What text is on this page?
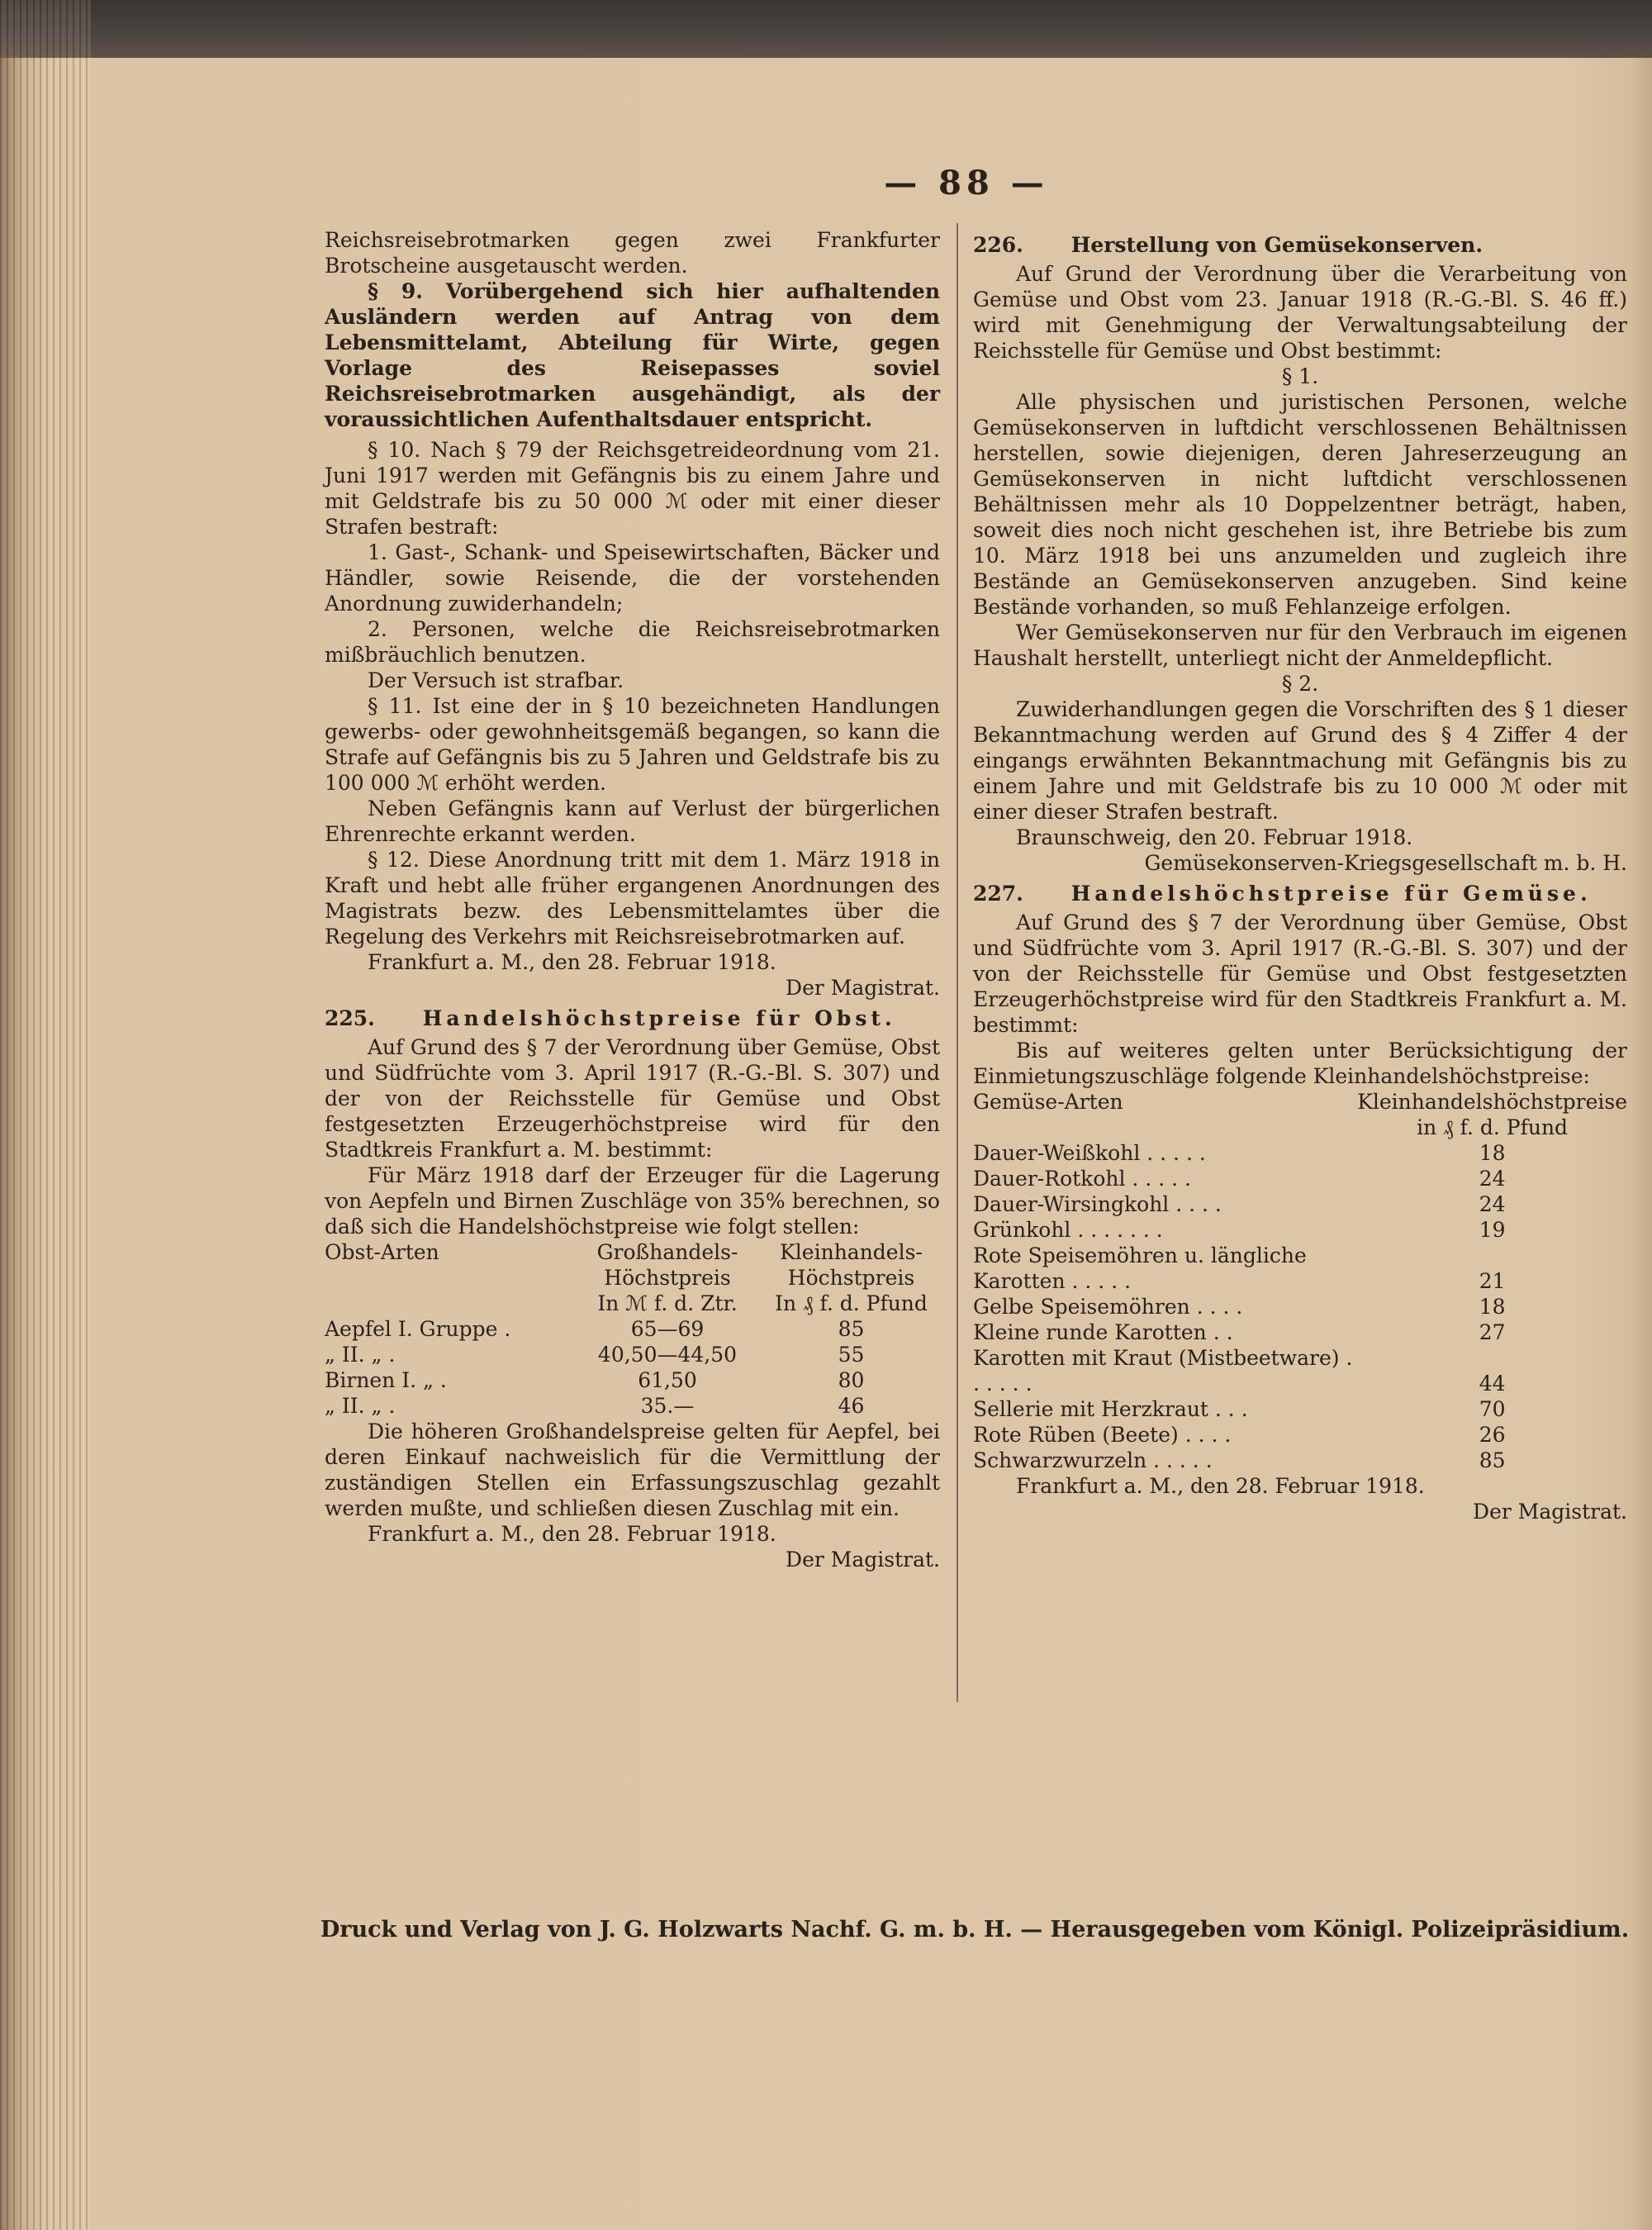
— 88 —

Reichsreisebrotmarken gegen zwei Frankfurter Brotscheine ausgetauscht werden.

§ 9. Vorübergehend sich hier aufhaltenden Ausländern werden auf Antrag von dem Lebensmittelamt, Abteilung für Wirte, gegen Vorlage des Reisepasses soviel Reichsreisebrotmarken ausgehändigt, als der voraussichtlichen Aufenthaltsdauer entspricht.

§ 10. Nach § 79 der Reichsgetreideordnung vom 21. Juni 1917 werden mit Gefängnis bis zu einem Jahre und mit Geldstrafe bis zu 50 000 ℳ oder mit einer dieser Strafen bestraft:

1. Gast-, Schank- und Speisewirtschaften, Bäcker und Händler, sowie Reisende, die der vorstehenden Anordnung zuwiderhandeln;

2. Personen, welche die Reichsreisebrotmarken mißbräuchlich benutzen.

Der Versuch ist strafbar.

§ 11. Ist eine der in § 10 bezeichneten Handlungen gewerbs- oder gewohnheitsgemäß begangen, so kann die Strafe auf Gefängnis bis zu 5 Jahren und Geldstrafe bis zu 100 000 ℳ erhöht werden.

Neben Gefängnis kann auf Verlust der bürgerlichen Ehrenrechte erkannt werden.

§ 12. Diese Anordnung tritt mit dem 1. März 1918 in Kraft und hebt alle früher ergangenen Anordnungen des Magistrats bezw. des Lebensmittelamtes über die Regelung des Verkehrs mit Reichsreisebrotmarken auf.

Frankfurt a. M., den 28. Februar 1918.

Der Magistrat.

225. Handelshöchstpreise für Obst.

Auf Grund des § 7 der Verordnung über Gemüse, Obst und Südfrüchte vom 3. April 1917 (R.-G.-Bl. S. 307) und der von der Reichsstelle für Gemüse und Obst festgesetzten Erzeugerhöchstpreise wird für den Stadtkreis Frankfurt a. M. bestimmt:

Für März 1918 darf der Erzeuger für die Lagerung von Aepfeln und Birnen Zuschläge von 35% berechnen, so daß sich die Handelshöchstpreise wie folgt stellen:

Obst-Arten	Großhandels-Höchstpreis	Kleinhandels-Höchstpreis
	In ℳ f. d. Ztr.	In ₰ f. d. Pfund
Aepfel I. Gruppe .	65—69	85
„ II. „ .	40,50—44,50	55
Birnen I. „ .	61,50	80
„ II. „ .	35.—	46

Die höheren Großhandelspreise gelten für Aepfel, bei deren Einkauf nachweislich für die Vermittlung der zuständigen Stellen ein Erfassungszuschlag gezahlt werden mußte, und schließen diesen Zuschlag mit ein.

Frankfurt a. M., den 28. Februar 1918.

Der Magistrat.

226. Herstellung von Gemüsekonserven.

Auf Grund der Verordnung über die Verarbeitung von Gemüse und Obst vom 23. Januar 1918 (R.-G.-Bl. S. 46 ff.) wird mit Genehmigung der Verwaltungsabteilung der Reichsstelle für Gemüse und Obst bestimmt:

§ 1.

Alle physischen und juristischen Personen, welche Gemüsekonserven in luftdicht verschlossenen Behältnissen herstellen, sowie diejenigen, deren Jahreserzeugung an Gemüsekonserven in nicht luftdicht verschlossenen Behältnissen mehr als 10 Doppelzentner beträgt, haben, soweit dies noch nicht geschehen ist, ihre Betriebe bis zum 10. März 1918 bei uns anzumelden und zugleich ihre Bestände an Gemüsekonserven anzugeben. Sind keine Bestände vorhanden, so muß Fehlanzeige erfolgen.

Wer Gemüsekonserven nur für den Verbrauch im eigenen Haushalt herstellt, unterliegt nicht der Anmeldepflicht.

§ 2.

Zuwiderhandlungen gegen die Vorschriften des § 1 dieser Bekanntmachung werden auf Grund des § 4 Ziffer 4 der eingangs erwähnten Bekanntmachung mit Gefängnis bis zu einem Jahre und mit Geldstrafe bis zu 10 000 ℳ oder mit einer dieser Strafen bestraft.

Braunschweig, den 20. Februar 1918.

Gemüsekonserven-Kriegsgesellschaft m. b. H.

227. Handelshöchstpreise für Gemüse.

Auf Grund des § 7 der Verordnung über Gemüse, Obst und Südfrüchte vom 3. April 1917 (R.-G.-Bl. S. 307) und der von der Reichsstelle für Gemüse und Obst festgesetzten Erzeugerhöchstpreise wird für den Stadtkreis Frankfurt a. M. bestimmt:

Bis auf weiteres gelten unter Berücksichtigung der Einmietungszuschläge folgende Kleinhandelshöchstpreise:

Gemüse-Arten	Kleinhandelshöchstpreise in ₰ f. d. Pfund
Dauer-Weißkohl . . . . .	18
Dauer-Rotkohl . . . . .	24
Dauer-Wirsingkohl . . . .	24
Grünkohl . . . . . . .	19
Rote Speisemöhren u. längliche Karotten . . . . .	21
Gelbe Speisemöhren . . . .	18
Kleine runde Karotten . .	27
Karotten mit Kraut (Mistbeetware) . . . . . .	44
Sellerie mit Herzkraut . . .	70
Rote Rüben (Beete) . . . .	26
Schwarzwurzeln . . . . .	85

Frankfurt a. M., den 28. Februar 1918.

Der Magistrat.

Druck und Verlag von J. G. Holzwarts Nachf. G. m. b. H. — Herausgegeben vom Königl. Polizeipräsidium.
